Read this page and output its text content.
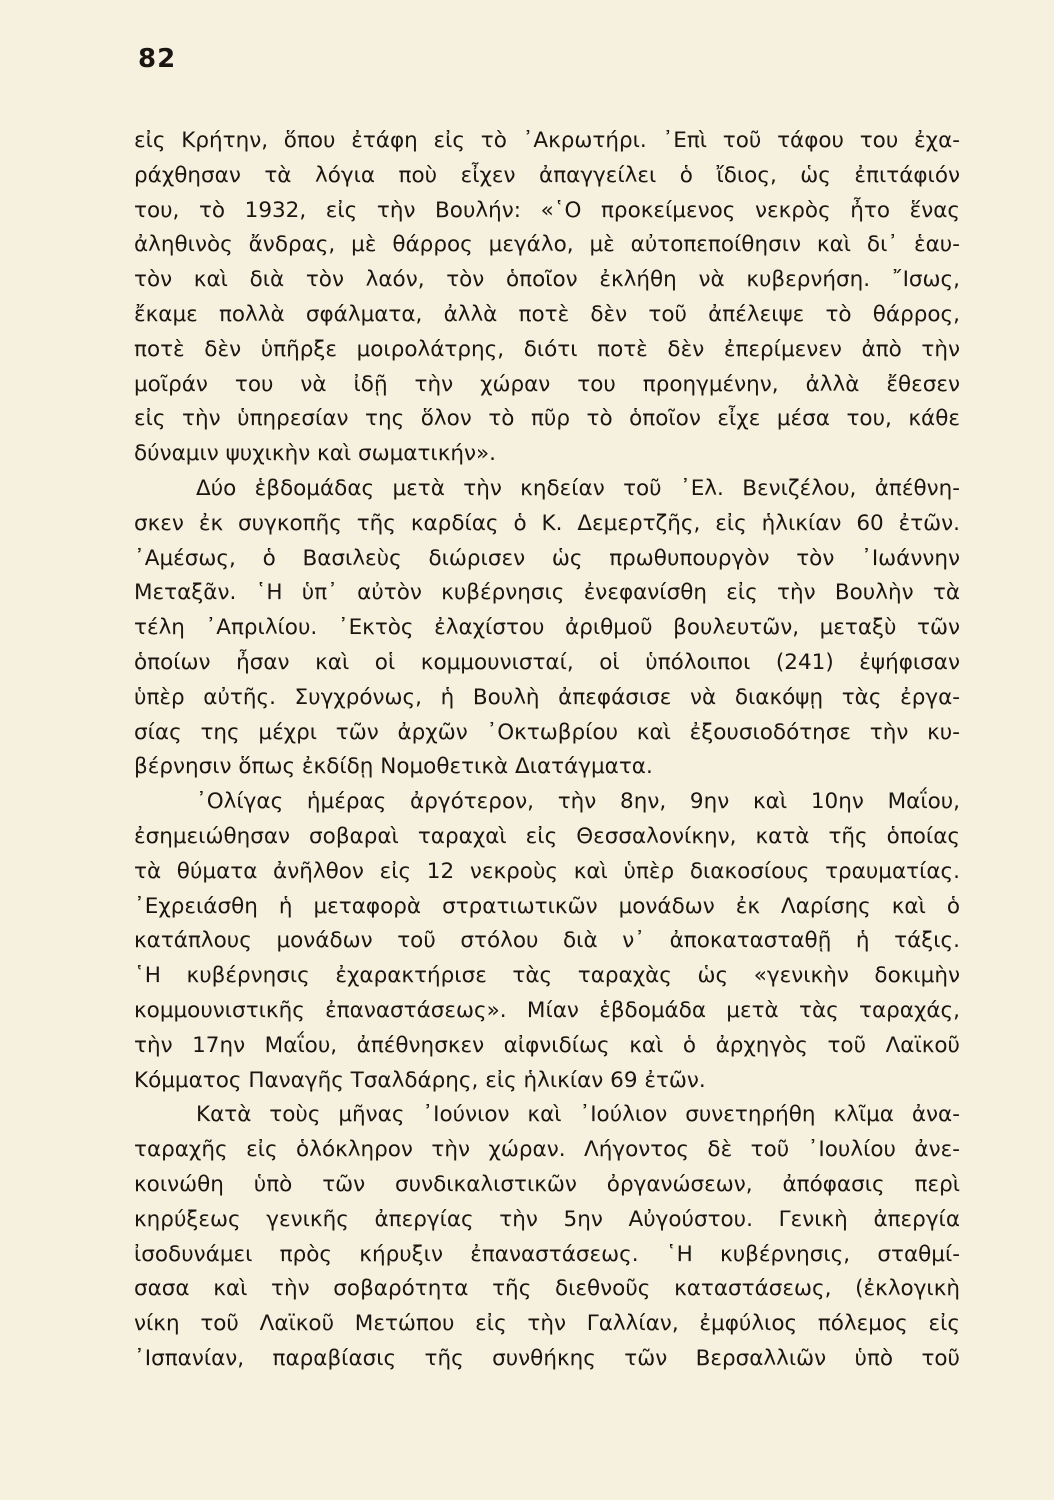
82
εἰς Κρήτην, ὅπου ἐτάφη εἰς τὸ ᾿Ακρωτήρι. ᾿Επὶ τοῦ τάφου του ἐχα-
ράχθησαν τὰ λόγια ποὺ εἶχεν ἀπαγγείλει ὁ ἴδιος, ὡς ἐπιτάφιόν
του, τὸ 1932, εἰς τὴν Βουλήν: «῾Ο προκείμενος νεκρὸς ἦτο ἕνας
ἀληθινὸς ἄνδρας, μὲ θάρρος μεγάλο, μὲ αὐτοπεποίθησιν καὶ δι᾿ ἑαυ-
τὸν καὶ διὰ τὸν λαόν, τὸν ὁποῖον ἐκλήθη νὰ κυβερνήση. ῎Ισως,
ἔκαμε πολλὰ σφάλματα, ἀλλὰ ποτὲ δὲν τοῦ ἀπέλειψε τὸ θάρρος,
ποτὲ δὲν ὑπῆρξε μοιρολάτρης, διότι ποτὲ δὲν ἐπερίμενεν ἀπὸ τὴν
μοῖράν του νὰ ἰδῇ τὴν χώραν του προηγμένην, ἀλλὰ ἔθεσεν
εἰς τὴν ὑπηρεσίαν της ὅλον τὸ πῦρ τὸ ὁποῖον εἶχε μέσα του, κάθε
δύναμιν ψυχικὴν καὶ σωματικήν».
Δύο ἑβδομάδας μετὰ τὴν κηδείαν τοῦ ᾿Ελ. Βενιζέλου, ἀπέθνη-
σκεν ἐκ συγκοπῆς τῆς καρδίας ὁ Κ. Δεμερτζῆς, εἰς ἡλικίαν 60 ἐτῶν.
᾿Αμέσως, ὁ Βασιλεὺς διώρισεν ὡς πρωθυπουργὸν τὸν ᾿Ιωάννην
Μεταξᾶν. ῾Η ὑπ᾿ αὐτὸν κυβέρνησις ἐνεφανίσθη εἰς τὴν Βουλὴν τὰ
τέλη ᾿Απριλίου. ᾿Εκτὸς ἐλαχίστου ἀριθμοῦ βουλευτῶν, μεταξὺ τῶν
ὁποίων ἦσαν καὶ οἱ κομμουνισταί, οἱ ὑπόλοιποι (241) ἐψήφισαν
ὑπὲρ αὐτῆς. Συγχρόνως, ἡ Βουλὴ ἀπεφάσισε νὰ διακόψῃ τὰς ἐργα-
σίας της μέχρι τῶν ἀρχῶν ᾿Οκτωβρίου καὶ ἐξουσιοδότησε τὴν κυ-
βέρνησιν ὅπως ἐκδίδῃ Νομοθετικὰ Διατάγματα.
᾿Ολίγας ἡμέρας ἀργότερον, τὴν 8ην, 9ην καὶ 10ην Μαΐου,
ἐσημειώθησαν σοβαραὶ ταραχαὶ εἰς Θεσσαλονίκην, κατὰ τῆς ὁποίας
τὰ θύματα ἀνῆλθον εἰς 12 νεκροὺς καὶ ὑπὲρ διακοσίους τραυματίας.
᾿Εχρειάσθη ἡ μεταφορὰ στρατιωτικῶν μονάδων ἐκ Λαρίσης καὶ ὁ
κατάπλους μονάδων τοῦ στόλου διὰ ν᾿ ἀποκατασταθῇ ἡ τάξις.
῾Η κυβέρνησις ἐχαρακτήρισε τὰς ταραχὰς ὡς «γενικὴν δοκιμὴν
κομμουνιστικῆς ἐπαναστάσεως». Μίαν ἑβδομάδα μετὰ τὰς ταραχάς,
τὴν 17ην Μαΐου, ἀπέθνησκεν αἰφνιδίως καὶ ὁ ἀρχηγὸς τοῦ Λαϊκοῦ
Κόμματος Παναγῆς Τσαλδάρης, εἰς ἡλικίαν 69 ἐτῶν.
Κατὰ τοὺς μῆνας ᾿Ιούνιον καὶ ᾿Ιούλιον συνετηρήθη κλῖμα ἀνα-
ταραχῆς εἰς ὁλόκληρον τὴν χώραν. Λήγοντος δὲ τοῦ ᾿Ιουλίου ἀνε-
κοινώθη ὑπὸ τῶν συνδικαλιστικῶν ὀργανώσεων, ἀπόφασις περὶ
κηρύξεως γενικῆς ἀπεργίας τὴν 5ην Αὐγούστου. Γενικὴ ἀπεργία
ἰσοδυνάμει πρὸς κήρυξιν ἐπαναστάσεως. ῾Η κυβέρνησις, σταθμί-
σασα καὶ τὴν σοβαρότητα τῆς διεθνοῦς καταστάσεως, (ἐκλογικὴ
νίκη τοῦ Λαϊκοῦ Μετώπου εἰς τὴν Γαλλίαν, ἐμφύλιος πόλεμος εἰς
᾿Ισπανίαν, παραβίασις τῆς συνθήκης τῶν Βερσαλλιῶν ὑπὸ τοῦ
